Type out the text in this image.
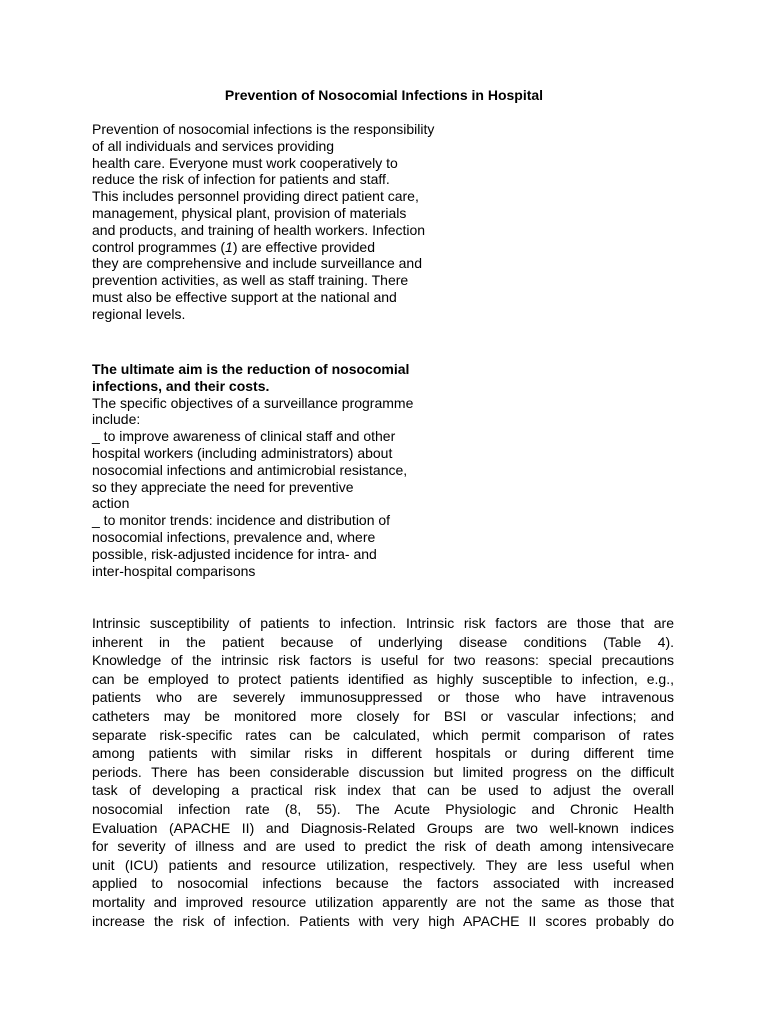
Prevention of Nosocomial Infections in Hospital
Prevention of nosocomial infections is the responsibility
of all individuals and services providing
health care. Everyone must work cooperatively to
reduce the risk of infection for patients and staff.
This includes personnel providing direct patient care,
management, physical plant, provision of materials
and products, and training of health workers. Infection
control programmes (1) are effective provided
they are comprehensive and include surveillance and
prevention activities, as well as staff training. There
must also be effective support at the national and
regional levels.
The ultimate aim is the reduction of nosocomial
infections, and their costs.
The specific objectives of a surveillance programme
include:
_ to improve awareness of clinical staff and other
hospital workers (including administrators) about
nosocomial infections and antimicrobial resistance,
so they appreciate the need for preventive
action
_ to monitor trends: incidence and distribution of
nosocomial infections, prevalence and, where
possible, risk-adjusted incidence for intra- and
inter-hospital comparisons
Intrinsic susceptibility of patients to infection. Intrinsic risk factors are those that are
inherent in the patient because of underlying disease conditions (Table 4).
Knowledge of the intrinsic risk factors is useful for two reasons: special precautions
can be employed to protect patients identified as highly susceptible to infection, e.g.,
patients who are severely immunosuppressed or those who have intravenous
catheters may be monitored more closely for BSI or vascular infections; and
separate risk-specific rates can be calculated, which permit comparison of rates
among patients with similar risks in different hospitals or during different time
periods. There has been considerable discussion but limited progress on the difficult
task of developing a practical risk index that can be used to adjust the overall
nosocomial infection rate (8, 55). The Acute Physiologic and Chronic Health
Evaluation (APACHE II) and Diagnosis-Related Groups are two well-known indices
for severity of illness and are used to predict the risk of death among intensivecare
unit (ICU) patients and resource utilization, respectively. They are less useful when
applied to nosocomial infections because the factors associated with increased
mortality and improved resource utilization apparently are not the same as those that
increase the risk of infection. Patients with very high APACHE II scores probably do
